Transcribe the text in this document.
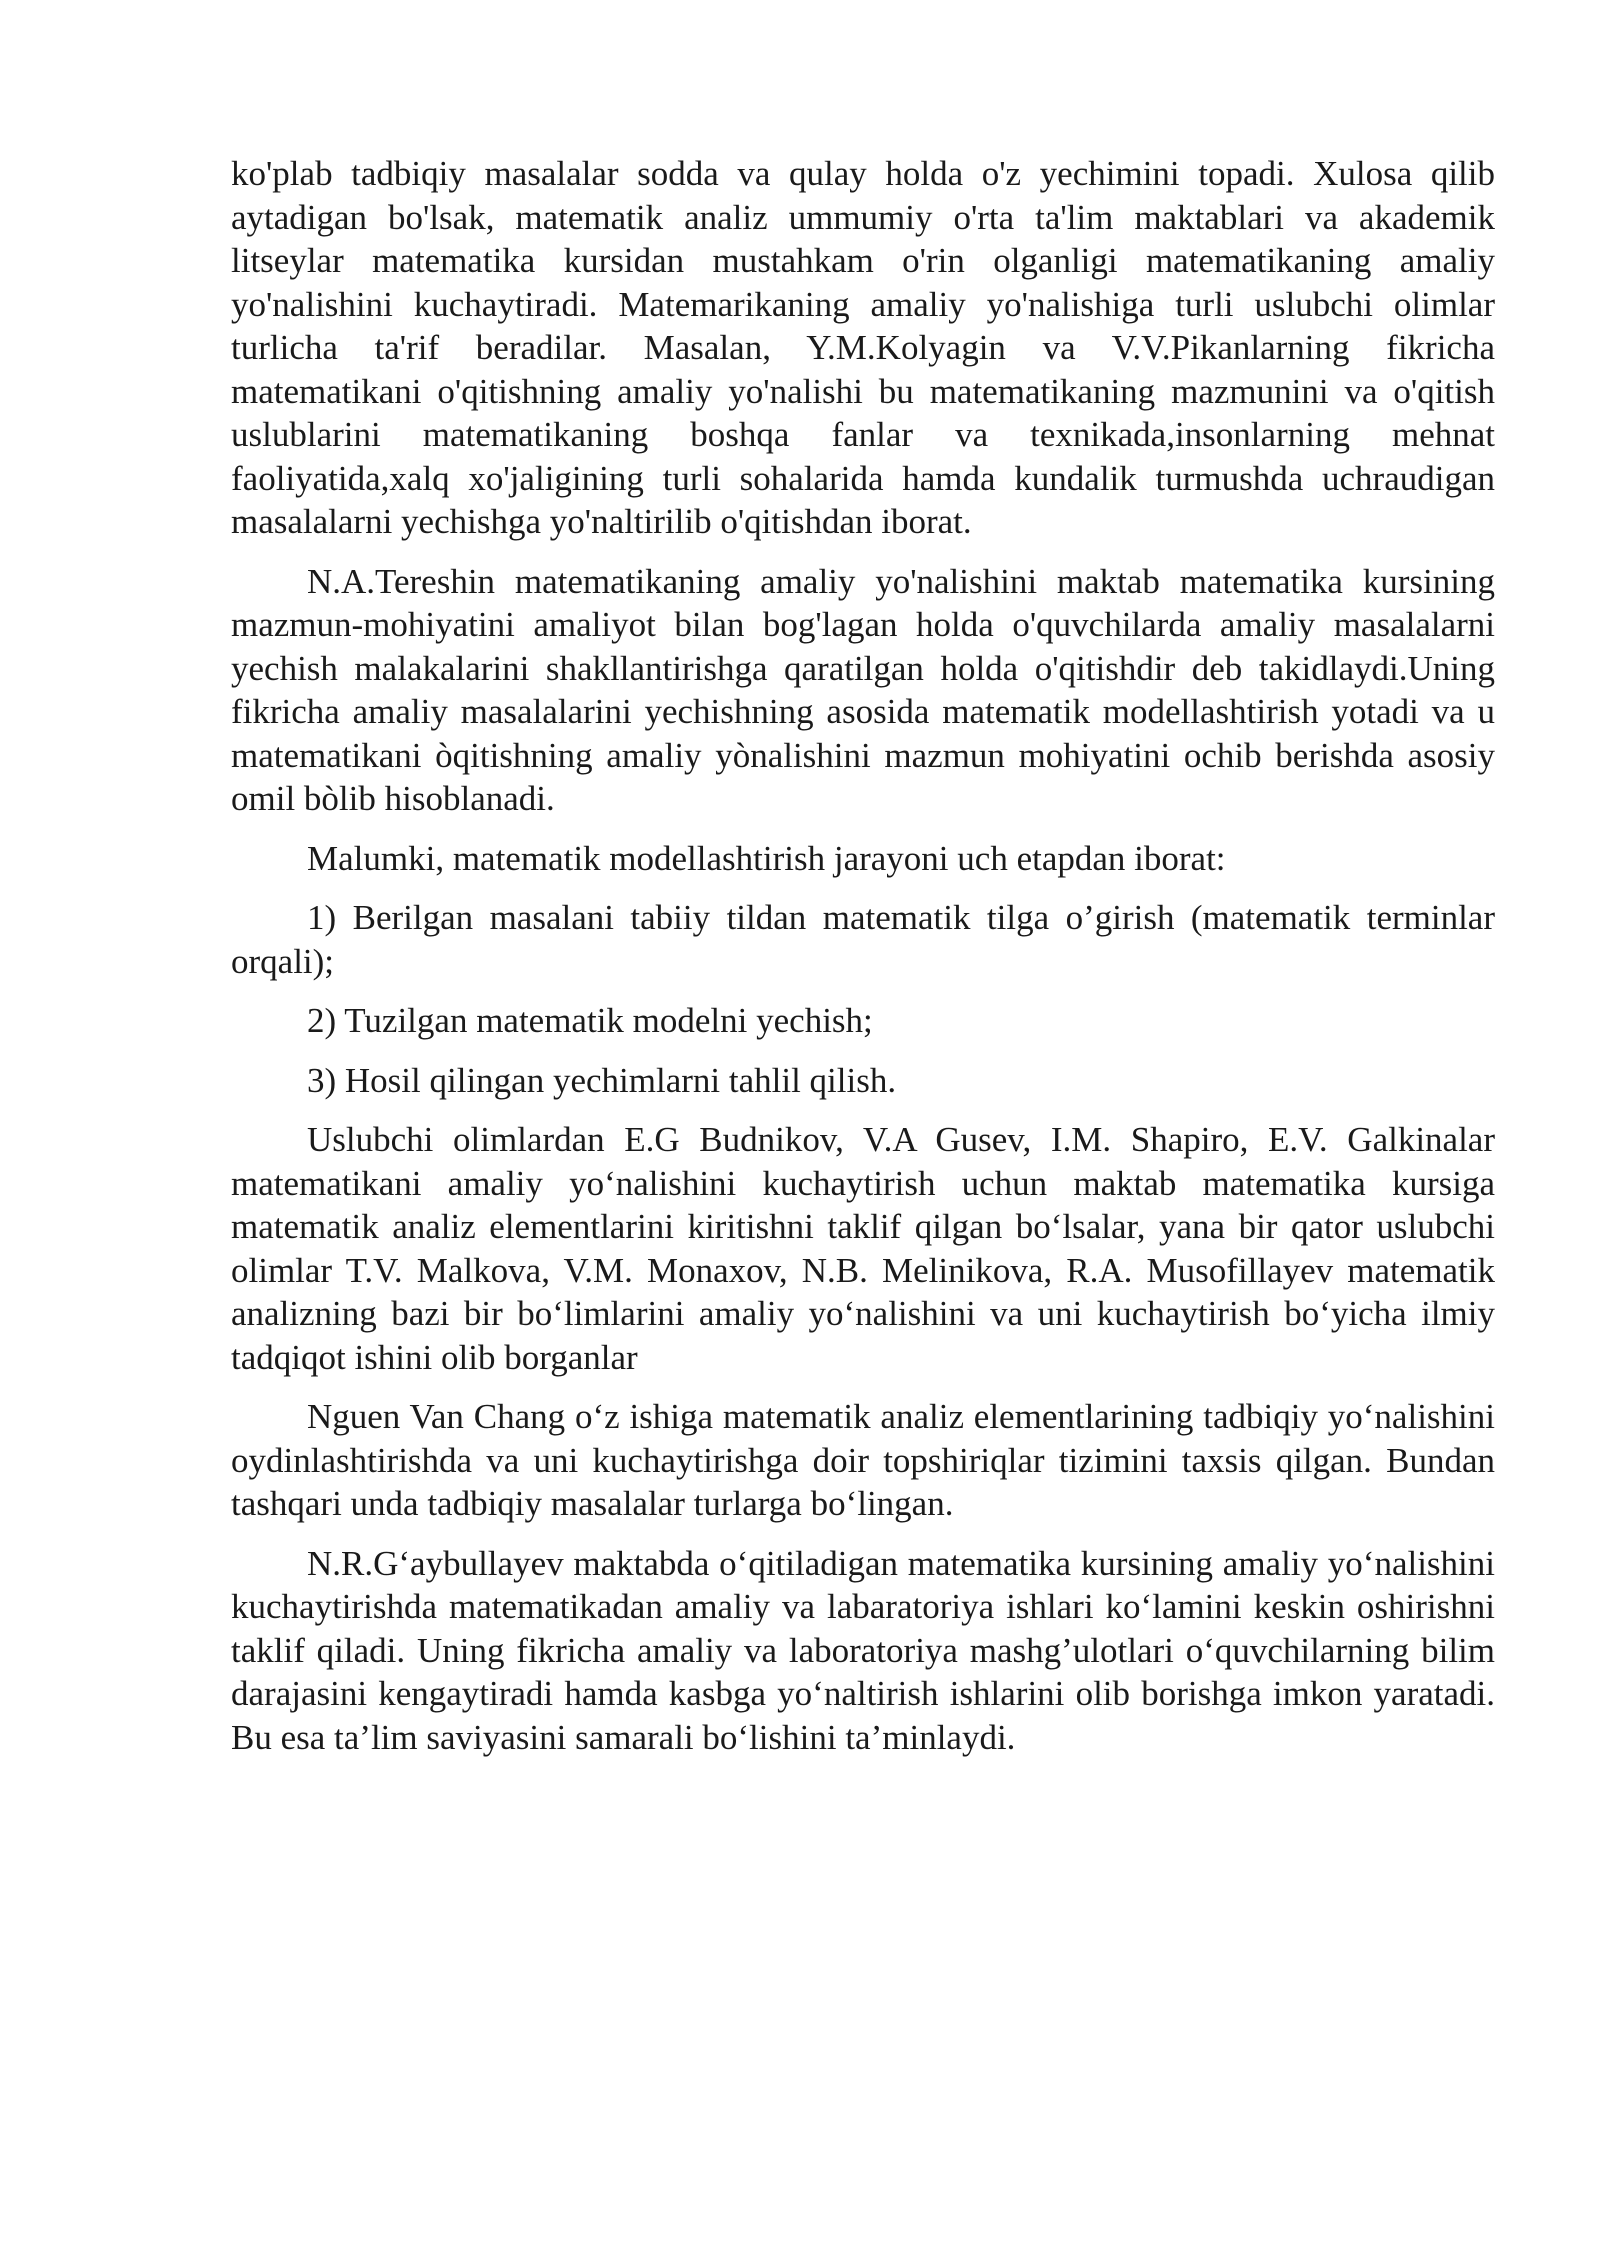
ko'plab tadbiqiy masalalar sodda va qulay holda o'z yechimini topadi. Xulosa qilib aytadigan bo'lsak, matematik analiz ummumiy o'rta ta'lim maktablari va akademik litseylar matematika kursidan mustahkam o'rin olganligi matematikaning amaliy yo'nalishini kuchaytiradi. Matemarikaning amaliy yo'nalishiga turli uslubchi olimlar turlicha ta'rif beradilar. Masalan, Y.M.Kolyagin va V.V.Pikanlarning fikricha matematikani o'qitishning amaliy yo'nalishi bu matematikaning mazmunini va o'qitish uslublarini matematikaning boshqa fanlar va texnikada,insonlarning mehnat faoliyatida,xalq xo'jaligining turli sohalarida hamda kundalik turmushda uchraudigan masalalarni yechishga yo'naltirilib o'qitishdan iborat.

N.A.Tereshin matematikaning amaliy yo'nalishini maktab matematika kursining mazmun-mohiyatini amaliyot bilan bog'lagan holda o'quvchilarda amaliy masalalarni yechish malakalarini shakllantirishga qaratilgan holda o'qitishdir deb takidlaydi.Uning fikricha amaliy masalalarini yechishning asosida matematik modellashtirish yotadi va u matematikani òqitishning amaliy yònalishini mazmun mohiyatini ochib berishda asosiy omil bòlib hisoblanadi.

Malumki, matematik modellashtirish jarayoni uch etapdan iborat:

1) Berilgan masalani tabiiy tildan matematik tilga o’girish (matematik terminlar orqali);

2) Tuzilgan matematik modelni yechish;

3) Hosil qilingan yechimlarni tahlil qilish.

Uslubchi olimlardan E.G Budnikov, V.A Gusev, I.M. Shapiro, E.V. Galkinalar matematikani amaliy yo‘nalishini kuchaytirish uchun maktab matematika kursiga matematik analiz elementlarini kiritishni taklif qilgan bo‘lsalar, yana bir qator uslubchi olimlar T.V. Malkova, V.M. Monaxov, N.B. Melinikova, R.A. Musofillayev matematik analizning bazi bir bo‘limlarini amaliy yo‘nalishini va uni kuchaytirish bo‘yicha ilmiy tadqiqot ishini olib borganlar

Nguen Van Chang o‘z ishiga matematik analiz elementlarining tadbiqiy yo‘nalishini oydinlashtirishda va uni kuchaytirishga doir topshiriqlar tizimini taxsis qilgan. Bundan tashqari unda tadbiqiy masalalar turlarga bo‘lingan.

N.R.G‘aybullayev maktabda o‘qitiladigan matematika kursining amaliy yo‘nalishini kuchaytirishda matematikadan amaliy va labaratoriya ishlari ko‘lamini keskin oshirishni taklif qiladi. Uning fikricha amaliy va laboratoriya mashg’ulotlari o‘quvchilarning bilim darajasini kengaytiradi hamda kasbga yo‘naltirish ishlarini olib borishga imkon yaratadi. Bu esa ta’lim saviyasini samarali bo‘lishini ta’minlaydi.
